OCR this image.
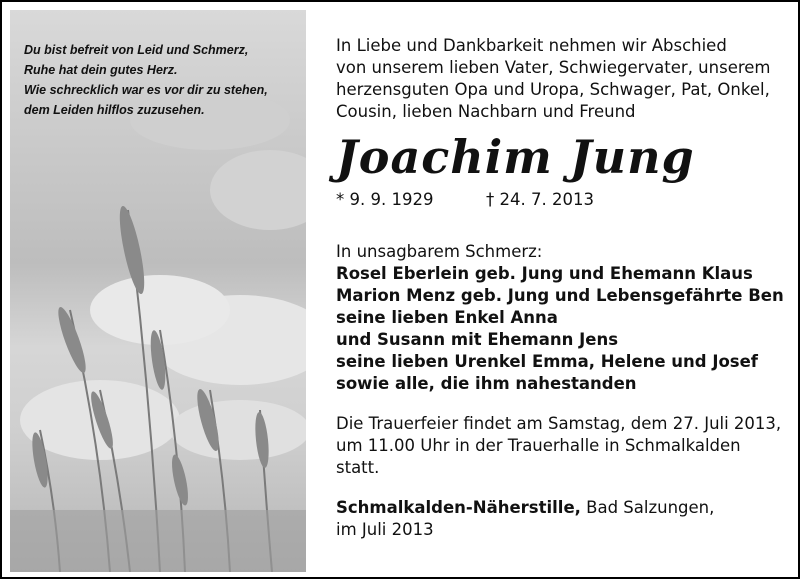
Du bist befreit von Leid und Schmerz,
Ruhe hat dein gutes Herz.
Wie schrecklich war es vor dir zu stehen,
dem Leiden hilflos zuzusehen.
In Liebe und Dankbarkeit nehmen wir Abschied
von unserem lieben Vater, Schwiegervater, unserem
herzensguten Opa und Uropa, Schwager, Pat, Onkel,
Cousin, lieben Nachbarn und Freund
Joachim Jung
* 9. 9. 1929	† 24. 7. 2013
In unsagbarem Schmerz:
Rosel Eberlein geb. Jung und Ehemann Klaus
Marion Menz geb. Jung und Lebensgefährte Ben
seine lieben Enkel Anna
und Susann mit Ehemann Jens
seine lieben Urenkel Emma, Helene und Josef
sowie alle, die ihm nahestanden
Die Trauerfeier findet am Samstag, dem 27. Juli 2013,
um 11.00 Uhr in der Trauerhalle in Schmalkalden
statt.
Schmalkalden-Näherstille, Bad Salzungen,
im Juli 2013
